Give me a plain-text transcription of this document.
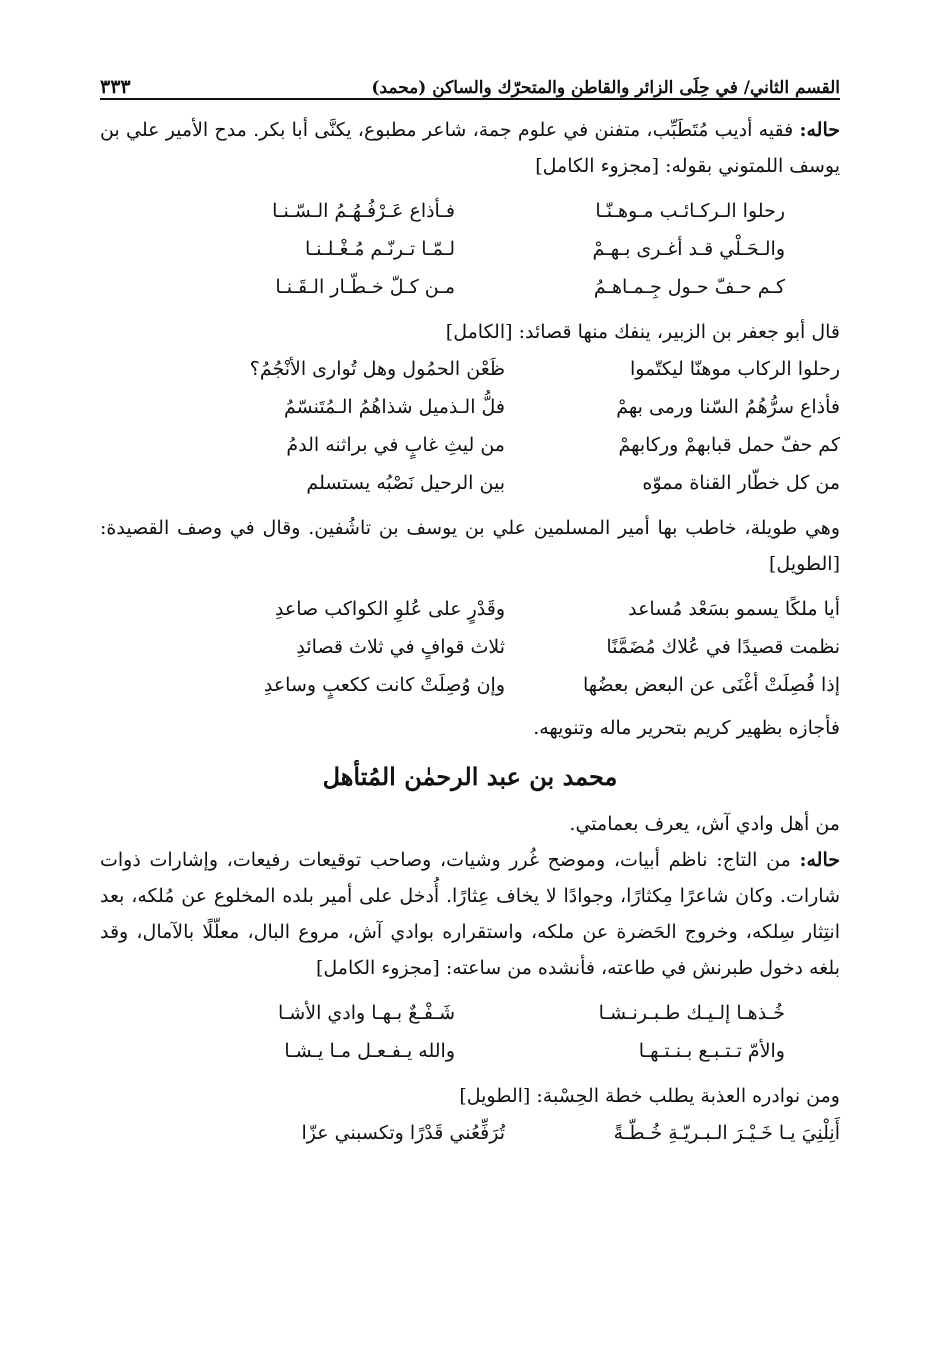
القسم الثاني/ في حِلَى الزائر والقاطن والمتحرّك والساكن (محمد)
٣٣٣

حاله: فقيه أديب مُتَطَبِّب، متفنن في علوم جمة، شاعر مطبوع، يكنَّى أبا بكر. مدح الأمير علي بن يوسف اللمتوني بقوله: [مجزوء الكامل]

رحلوا الـركـائـب مـوهـنّـا
فـأذاع عَـرْفُـهُـمُ الـسّـنـا
والـحَـلْي قـد أغـرى بـهـمْ
لـمّـا تـرنّـم مُـغْـلـنـا
كـم حـفّ حـول جِـمـاهـمُ
مـن كـلّ خـطّـار الـقَـنـا

قال أبو جعفر بن الزبير، ينفك منها قصائد: [الكامل]

رحلوا الركاب موهنّا ليكتّموا
ظَعْن الحمُول وهل تُوارى الأنْجُمُ؟
فأذاع سرُّهُمُ السّنا ورمى بهمْ
فلُّ الـذميل شذاهُمُ الـمُتَنسّمُ
كم حفّ حمل قبابهمْ وركابهمْ
من ليثِ غابٍ في براثنه الدمُ
من كل خطّار القناة مموّه
بين الرحيل نَصْبُه يستسلم

وهي طويلة، خاطب بها أمير المسلمين علي بن يوسف بن تاشُفين. وقال في وصف القصيدة: [الطويل]

أيا ملكًا يسمو بسَعْد مُساعد
وقَدْرٍ على عُلوِ الكواكب صاعدِ
نظمت قصيدًا في عُلاك مُضَمَّنًا
ثلاث قوافٍ في ثلاث قصائدِ
إذا فُصِلَتْ أغْنَى عن البعض بعضُها
وإن وُصِلَتْ كانت ككعبٍ وساعدِ

فأجازه بظهير كريم بتحرير ماله وتنويهه.

محمد بن عبد الرحمٰن المُتأهل

من أهل وادي آش، يعرف بعمامتي.

حاله: من التاج: ناظم أبيات، وموضح غُرر وشيات، وصاحب توقيعات رفيعات، وإشارات ذوات شارات. وكان شاعرًا مِكثارًا، وجوادًا لا يخاف عِثارًا. أُدخل على أمير بلده المخلوع عن مُلكه، بعد انتِثار سِلكه، وخروج الحَضرة عن ملكه، واستقراره بوادي آش، مروع البال، معلّلًا بالآمال، وقد بلغه دخول طبرنش في طاعته، فأنشده من ساعته: [مجزوء الكامل]

خُـذهـا إلـيـك طـبـرنـشـا
شَـفْـعٌ بـهـا وادي الأشـا
والأمّ تـتـبـع بـنـتـهـا
والله يـفـعـل مـا يـشـا

ومن نوادره العذبة يطلب خطة الحِسْبة: [الطويل]

أَنِلْنِيَ يـا خَـيْـرَ الـبـريّـةِ خُـطّـةً
تُرَفِّعُني قَدْرًا وتكسبني عزّا
